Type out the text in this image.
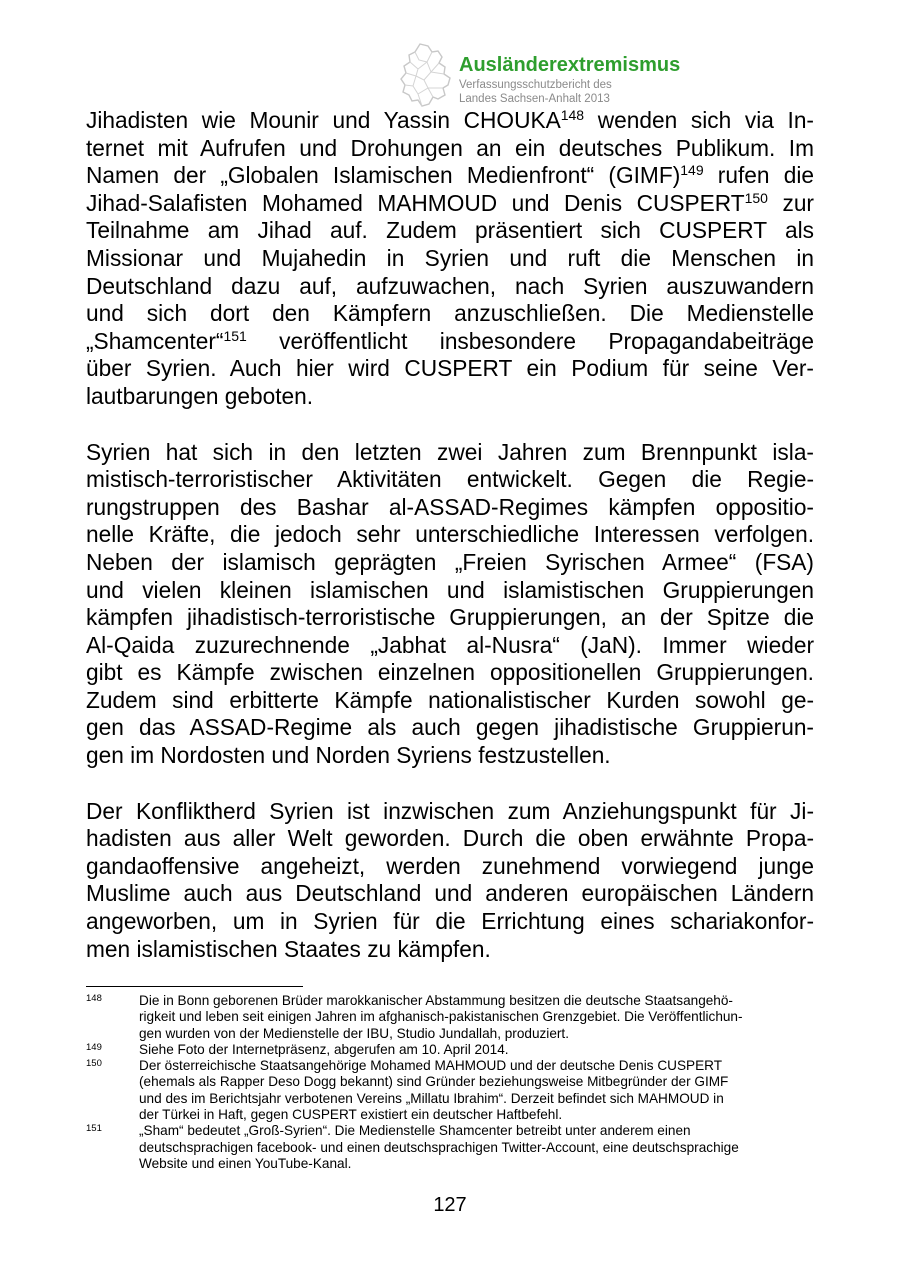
Ausländerextremismus
Verfassungsschutzbericht des
Landes Sachsen-Anhalt 2013
Jihadisten wie Mounir und Yassin CHOUKA$^{148}$ wenden sich via In-
ternet mit Aufrufen und Drohungen an ein deutsches Publikum. Im
Namen der „Globalen Islamischen Medienfront“ (GIMF)$^{149}$ rufen die
Jihad-Salafisten Mohamed MAHMOUD und Denis CUSPERT$^{150}$ zur
Teilnahme am Jihad auf. Zudem präsentiert sich CUSPERT als
Missionar und Mujahedin in Syrien und ruft die Menschen in
Deutschland dazu auf, aufzuwachen, nach Syrien auszuwandern
und sich dort den Kämpfern anzuschließen. Die Medienstelle
„Shamcenter“$^{151}$ veröffentlicht insbesondere Propagandabeiträge
über Syrien. Auch hier wird CUSPERT ein Podium für seine Ver-
lautbarungen geboten.
Syrien hat sich in den letzten zwei Jahren zum Brennpunkt isla-
mistisch-terroristischer Aktivitäten entwickelt. Gegen die Regie-
rungstruppen des Bashar al-ASSAD-Regimes kämpfen oppositio-
nelle Kräfte, die jedoch sehr unterschiedliche Interessen verfolgen.
Neben der islamisch geprägten „Freien Syrischen Armee“ (FSA)
und vielen kleinen islamischen und islamistischen Gruppierungen
kämpfen jihadistisch-terroristische Gruppierungen, an der Spitze die
Al-Qaida zuzurechnende „Jabhat al-Nusra“ (JaN). Immer wieder
gibt es Kämpfe zwischen einzelnen oppositionellen Gruppierungen.
Zudem sind erbitterte Kämpfe nationalistischer Kurden sowohl ge-
gen das ASSAD-Regime als auch gegen jihadistische Gruppierun-
gen im Nordosten und Norden Syriens festzustellen.
Der Konfliktherd Syrien ist inzwischen zum Anziehungspunkt für Ji-
hadisten aus aller Welt geworden. Durch die oben erwähnte Propa-
gandaoffensive angeheizt, werden zunehmend vorwiegend junge
Muslime auch aus Deutschland und anderen europäischen Ländern
angeworben, um in Syrien für die Errichtung eines schariakonfor-
men islamistischen Staates zu kämpfen.
148	Die in Bonn geborenen Brüder marokkanischer Abstammung besitzen die deutsche Staatsangehö-
rigkeit und leben seit einigen Jahren im afghanisch-pakistanischen Grenzgebiet. Die Veröffentlichun-
gen wurden von der Medienstelle der IBU, Studio Jundallah, produziert.
149	Siehe Foto der Internetpräsenz, abgerufen am 10. April 2014.
150	Der österreichische Staatsangehörige Mohamed MAHMOUD und der deutsche Denis CUSPERT
(ehemals als Rapper Deso Dogg bekannt) sind Gründer beziehungsweise Mitbegründer der GIMF
und des im Berichtsjahr verbotenen Vereins „Millatu Ibrahim“. Derzeit befindet sich MAHMOUD in
der Türkei in Haft, gegen CUSPERT existiert ein deutscher Haftbefehl.
151	„Sham“ bedeutet „Groß-Syrien“. Die Medienstelle Shamcenter betreibt unter anderem einen
deutschsprachigen facebook- und einen deutschsprachigen Twitter-Account, eine deutschsprachige
Website und einen YouTube-Kanal.
127
